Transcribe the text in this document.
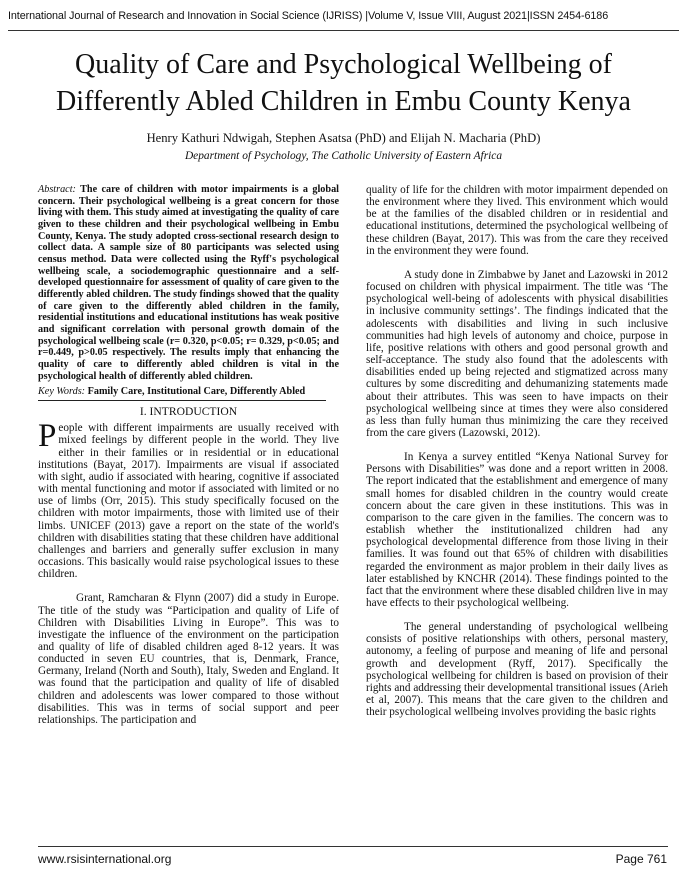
International Journal of Research and Innovation in Social Science (IJRISS) |Volume V, Issue VIII, August 2021|ISSN 2454-6186
Quality of Care and Psychological Wellbeing of Differently Abled Children in Embu County Kenya
Henry Kathuri Ndwigah, Stephen Asatsa (PhD) and Elijah N. Macharia (PhD)
Department of Psychology, The Catholic University of Eastern Africa

Abstract: The care of children with motor impairments is a global concern. Their psychological wellbeing is a great concern for those living with them. This study aimed at investigating the quality of care given to these children and their psychological wellbeing in Embu County, Kenya. The study adopted cross-sectional research design to collect data. A sample size of 80 participants was selected using census method. Data were collected using the Ryff's psychological wellbeing scale, a sociodemographic questionnaire and a self-developed questionnaire for assessment of quality of care given to the differently abled children. The study findings showed that the quality of care given to the differently abled children in the family, residential institutions and educational institutions has weak positive and significant correlation with personal growth domain of the psychological wellbeing scale (r= 0.320, p<0.05; r= 0.329, p<0.05; and r=0.449, p>0.05 respectively. The results imply that enhancing the quality of care to differently abled children is vital in the psychological health of differently abled children.

Key Words: Family Care, Institutional Care, Differently Abled

I. INTRODUCTION

People with different impairments are usually received with mixed feelings by different people in the world. They live either in their families or in residential or in educational institutions (Bayat, 2017). Impairments are visual if associated with sight, audio if associated with hearing, cognitive if associated with mental functioning and motor if associated with limited or no use of limbs (Orr, 2015). This study specifically focused on the children with motor impairments, those with limited use of their limbs. UNICEF (2013) gave a report on the state of the world's children with disabilities stating that these children have additional challenges and barriers and generally suffer exclusion in many occasions. This basically would raise psychological issues to these children.

Grant, Ramcharan & Flynn (2007) did a study in Europe. The title of the study was “Participation and quality of Life of Children with Disabilities Living in Europe”. This was to investigate the influence of the environment on the participation and quality of life of disabled children aged 8-12 years. It was conducted in seven EU countries, that is, Denmark, France, Germany, Ireland (North and South), Italy, Sweden and England. It was found that the participation and quality of life of disabled children and adolescents was lower compared to those without disabilities. This was in terms of social support and peer relationships. The participation and

quality of life for the children with motor impairment depended on the environment where they lived. This environment which would be at the families of the disabled children or in residential and educational institutions, determined the psychological wellbeing of these children (Bayat, 2017). This was from the care they received in the environment they were found.

A study done in Zimbabwe by Janet and Lazowski in 2012 focused on children with physical impairment. The title was ‘The psychological well-being of adolescents with physical disabilities in inclusive community settings’. The findings indicated that the adolescents with disabilities and living in such inclusive communities had high levels of autonomy and choice, purpose in life, positive relations with others and good personal growth and self-acceptance. The study also found that the adolescents with disabilities ended up being rejected and stigmatized across many cultures by some discrediting and dehumanizing statements made about their attributes. This was seen to have impacts on their psychological wellbeing since at times they were also considered as less than fully human thus minimizing the care they received from the care givers (Lazowski, 2012).

In Kenya a survey entitled “Kenya National Survey for Persons with Disabilities” was done and a report written in 2008. The report indicated that the establishment and emergence of many small homes for disabled children in the country would create concern about the care given in these institutions. This was in comparison to the care given in the families. The concern was to establish whether the institutionalized children had any psychological developmental difference from those living in their families. It was found out that 65% of children with disabilities regarded the environment as major problem in their daily lives as later established by KNCHR (2014). These findings pointed to the fact that the environment where these disabled children live in may have effects to their psychological wellbeing.

The general understanding of psychological wellbeing consists of positive relationships with others, personal mastery, autonomy, a feeling of purpose and meaning of life and personal growth and development (Ryff, 2017). Specifically the psychological wellbeing for children is based on provision of their rights and addressing their developmental transitional issues (Arieh et al, 2007). This means that the care given to the children and their psychological wellbeing involves providing the basic rights

www.rsisinternational.org	Page 761
